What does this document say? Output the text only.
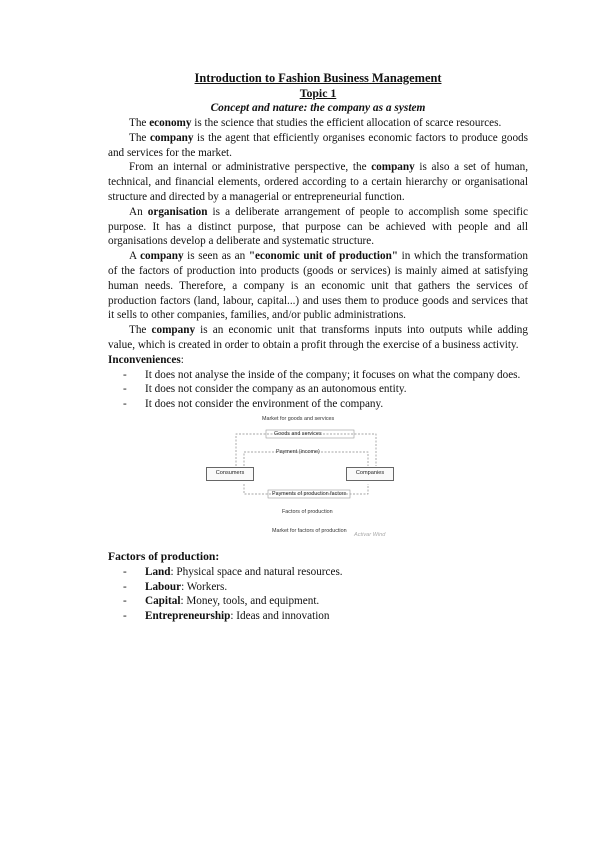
Introduction to Fashion Business Management
Topic 1
Concept and nature: the company as a system

The economy is the science that studies the efficient allocation of scarce resources.

The company is the agent that efficiently organises economic factors to produce goods and services for the market.

From an internal or administrative perspective, the company is also a set of human, technical, and financial elements, ordered according to a certain hierarchy or organisational structure and directed by a managerial or entrepreneurial function.

An organisation is a deliberate arrangement of people to accomplish some specific purpose. It has a distinct purpose, that purpose can be achieved with people and all organisations develop a deliberate and systematic structure.

A company is seen as an "economic unit of production" in which the transformation of the factors of production into products (goods or services) is mainly aimed at satisfying human needs. Therefore, a company is an economic unit that gathers the services of production factors (land, labour, capital...) and uses them to produce goods and services that it sells to other companies, families, and/or public administrations.

The company is an economic unit that transforms inputs into outputs while adding value, which is created in order to obtain a profit through the exercise of a business activity.

Inconveniences:
- It does not analyse the inside of the company; it focuses on what the company does.
- It does not consider the company as an autonomous entity.
- It does not consider the environment of the company.
Market for goods and services
Goods and services
Payment (income)
Consumers	Companies
Payments of production factors
Factors of production
Market for factors of production
Activar Wind
Factors of production:
- Land: Physical space and natural resources.
- Labour: Workers.
- Capital: Money, tools, and equipment.
- Entrepreneurship: Ideas and innovation
